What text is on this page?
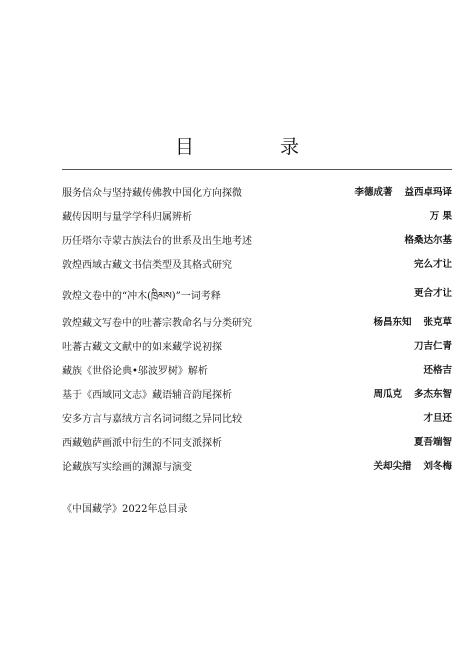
目 录
服务信众与坚持藏传佛教中国化方向探微	李德成著 益西卓玛译
藏传因明与量学学科归属辨析	万 果
历任塔尔寺蒙古族法台的世系及出生地考述	格桑达尔基
敦煌西域古藏文书信类型及其格式研究	完么才让
敦煌文卷中的“冲木(ཁྲིམས)”一词考释	更合才让
敦煌藏文写卷中的吐蕃宗教命名与分类研究	杨昌东知 张克草
吐蕃古藏文文献中的如来藏学说初探	刀吉仁青
藏族《世俗论典•邬波罗树》解析	还格吉
基于《西域同文志》藏语辅音韵尾探析	周瓜克 多杰东智
安多方言与嘉绒方言名词词缀之异同比较	才旦还
西藏勉萨画派中衍生的不同支派探析	夏吾端智
论藏族写实绘画的渊源与演变	关却尖措 刘冬梅
《中国藏学》2022年总目录
